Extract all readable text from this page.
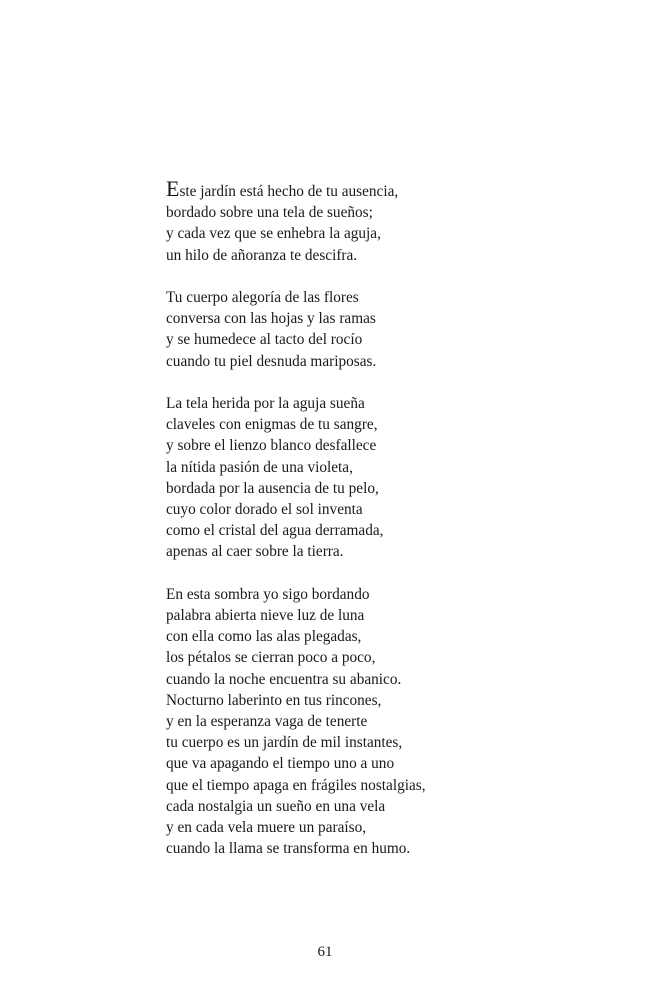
Este jardín está hecho de tu ausencia,
bordado sobre una tela de sueños;
y cada vez que se enhebra la aguja,
un hilo de añoranza te descifra.
Tu cuerpo alegoría de las flores
conversa con las hojas y las ramas
y se humedece al tacto del rocío
cuando tu piel desnuda mariposas.
La tela herida por la aguja sueña
claveles con enigmas de tu sangre,
y sobre el lienzo blanco desfallece
la nítida pasión de una violeta,
bordada por la ausencia de tu pelo,
cuyo color dorado el sol inventa
como el cristal del agua derramada,
apenas al caer sobre la tierra.
En esta sombra yo sigo bordando
palabra abierta nieve luz de luna
con ella como las alas plegadas,
los pétalos se cierran poco a poco,
cuando la noche encuentra su abanico.
Nocturno laberinto en tus rincones,
y en la esperanza vaga de tenerte
tu cuerpo es un jardín de mil instantes,
que va apagando el tiempo uno a uno
que el tiempo apaga en frágiles nostalgias,
cada nostalgia un sueño en una vela
y en cada vela muere un paraíso,
cuando la llama se transforma en humo.
61
